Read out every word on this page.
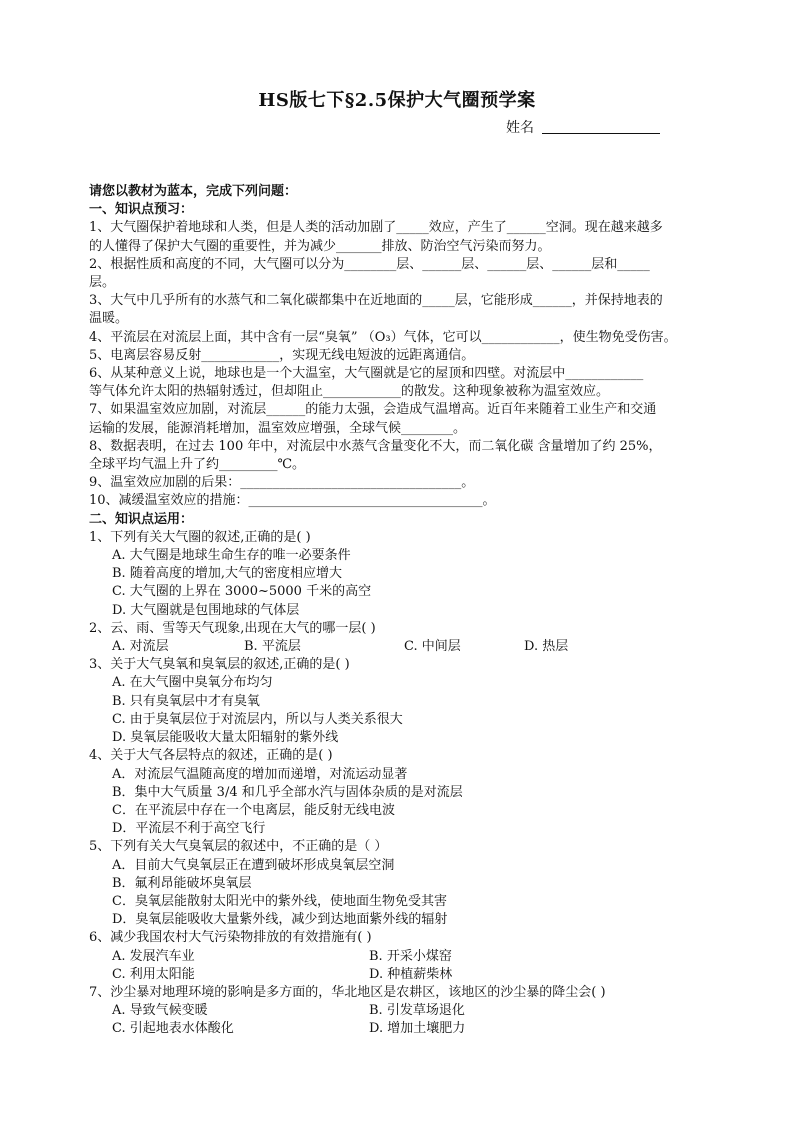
HS版七下§2.5保护大气圈预学案
姓名
请您以教材为蓝本，完成下列问题：
一、知识点预习：
1、大气圈保护着地球和人类，但是人类的活动加剧了_____效应，产生了______空洞。现在越来越多
的人懂得了保护大气圈的重要性，并为减少_______排放、防治空气污染而努力。
2、根据性质和高度的不同，大气圈可以分为________层、______层、______层、______层和_____
层。
3、大气中几乎所有的水蒸气和二氧化碳都集中在近地面的_____层，它能形成______，并保持地表的
温暖。
4、平流层在对流层上面，其中含有一层“臭氧” （O₃）气体，它可以____________，使生物免受伤害。
5、电离层容易反射____________，实现无线电短波的远距离通信。
6、从某种意义上说，地球也是一个大温室，大气圈就是它的屋顶和四壁。对流层中____________
等气体允许太阳的热辐射透过，但却阻止____________的散发。这种现象被称为温室效应。
7、如果温室效应加剧，对流层______的能力太强，会造成气温增高。近百年来随着工业生产和交通
运输的发展，能源消耗增加，温室效应增强，全球气候________。
8、数据表明，在过去 100 年中，对流层中水蒸气含量变化不大，而二氧化碳 含量增加了约 25%，
全球平均气温上升了约_________℃。
9、温室效应加剧的后果：__________________________________。
10、减缓温室效应的措施：____________________________________。
二、知识点运用：
1、下列有关大气圈的叙述,正确的是( )
A. 大气圈是地球生命生存的唯一必要条件
B. 随着高度的增加,大气的密度相应增大
C. 大气圈的上界在 3000~5000 千米的高空
D. 大气圈就是包围地球的气体层
2、云、雨、雪等天气现象,出现在大气的哪一层( )
A. 对流层	B. 平流层	C. 中间层	D. 热层
3、关于大气臭氧和臭氧层的叙述,正确的是( )
A. 在大气圈中臭氧分布均匀
B. 只有臭氧层中才有臭氧
C. 由于臭氧层位于对流层内，所以与人类关系很大
D. 臭氧层能吸收大量太阳辐射的紫外线
4、关于大气各层特点的叙述，正确的是( )
A．对流层气温随高度的增加而递增，对流运动显著
B．集中大气质量 3/4 和几乎全部水汽与固体杂质的是对流层
C．在平流层中存在一个电离层，能反射无线电波
D．平流层不利于高空飞行
5、下列有关大气臭氧层的叙述中，不正确的是（ ）
A．目前大气臭氧层正在遭到破坏形成臭氧层空洞
B．氟利昂能破坏臭氧层
C．臭氧层能散射太阳光中的紫外线，使地面生物免受其害
D．臭氧层能吸收大量紫外线，减少到达地面紫外线的辐射
6、减少我国农村大气污染物排放的有效措施有( )
A. 发展汽车业	B. 开采小煤窑
C. 利用太阳能	D. 种植薪柴林
7、沙尘暴对地理环境的影响是多方面的，华北地区是农耕区，该地区的沙尘暴的降尘会( )
A. 导致气候变暖	B. 引发草场退化
C. 引起地表水体酸化	D. 增加土壤肥力
